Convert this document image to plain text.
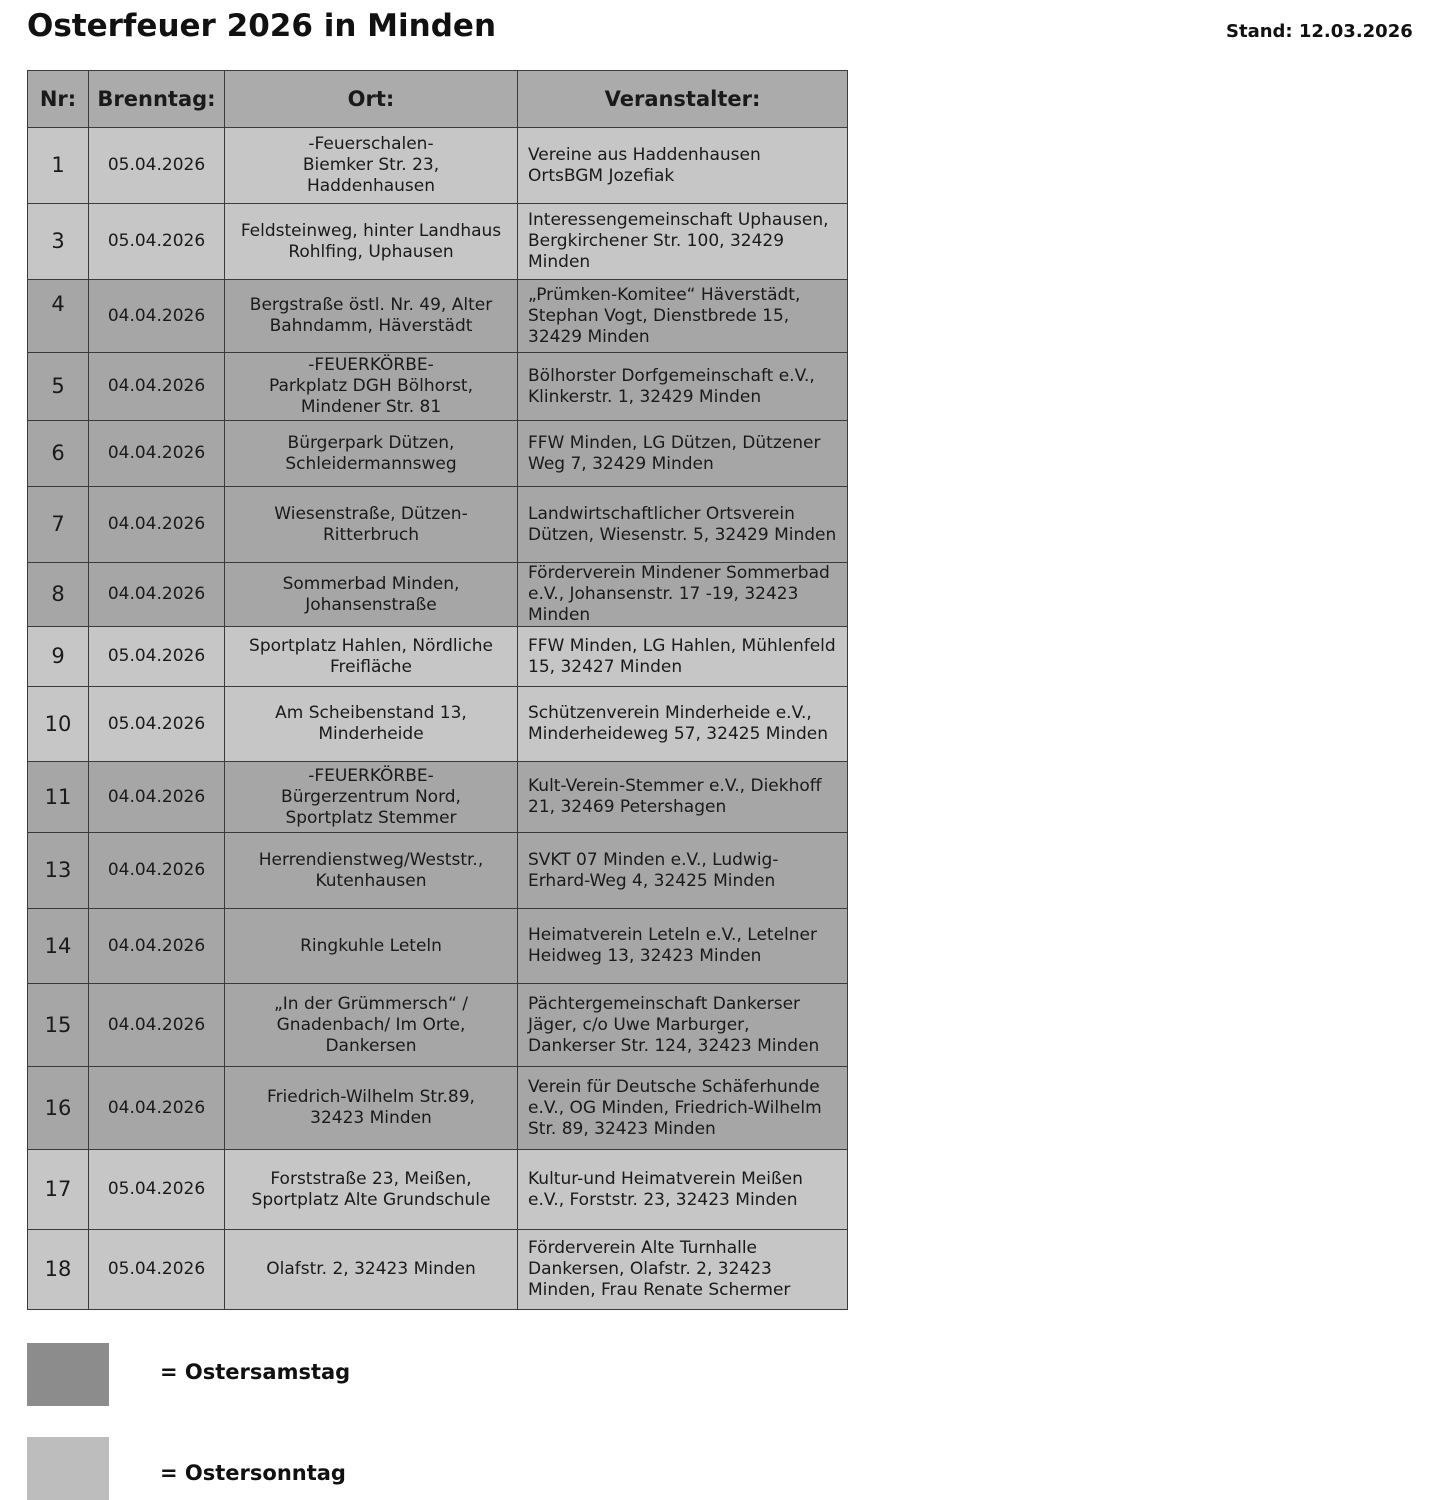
Osterfeuer 2026 in Minden	Stand: 12.03.2026
Nr:	Brenntag:	Ort:	Veranstalter:
1	05.04.2026	-Feuerschalen-
Biemker Str. 23,
Haddenhausen	Vereine aus Haddenhausen
OrtsBGM Jozefiak

3	05.04.2026	Feldsteinweg, hinter Landhaus
Rohlfing, Uphausen	Interessengemeinschaft Uphausen,
Bergkirchener Str. 100, 32429
Minden

4	04.04.2026	Bergstraße östl. Nr. 49, Alter
Bahndamm, Häverstädt	„Prümken-Komitee“ Häverstädt,
Stephan Vogt, Dienstbrede 15,
32429 Minden

5	04.04.2026	-FEUERKÖRBE-
Parkplatz DGH Bölhorst,
Mindener Str. 81	Bölhorster Dorfgemeinschaft e.V.,
Klinkerstr. 1, 32429 Minden

6	04.04.2026	Bürgerpark Dützen,
Schleidermannsweg	FFW Minden, LG Dützen, Dützener
Weg 7, 32429 Minden

7	04.04.2026	Wiesenstraße, Dützen-
Ritterbruch	Landwirtschaftlicher Ortsverein
Dützen, Wiesenstr. 5, 32429 Minden

8	04.04.2026	Sommerbad Minden,
Johansenstraße	Förderverein Mindener Sommerbad
e.V., Johansenstr. 17 -19, 32423
Minden

9	05.04.2026	Sportplatz Hahlen, Nördliche
Freifläche	FFW Minden, LG Hahlen, Mühlenfeld
15, 32427 Minden

10	05.04.2026	Am Scheibenstand 13,
Minderheide	Schützenverein Minderheide e.V.,
Minderheideweg 57, 32425 Minden

11	04.04.2026	-FEUERKÖRBE-
Bürgerzentrum Nord,
Sportplatz Stemmer	Kult-Verein-Stemmer e.V., Diekhoff
21, 32469 Petershagen

13	04.04.2026	Herrendienstweg/Weststr.,
Kutenhausen	SVKT 07 Minden e.V., Ludwig-
Erhard-Weg 4, 32425 Minden

14	04.04.2026	Ringkuhle Leteln	Heimatverein Leteln e.V., Letelner
Heidweg 13, 32423 Minden

15	04.04.2026	„In der Grümmersch“ /
Gnadenbach/ Im Orte,
Dankersen	Pächtergemeinschaft Dankerser
Jäger, c/o Uwe Marburger,
Dankerser Str. 124, 32423 Minden

16	04.04.2026	Friedrich-Wilhelm Str.89,
32423 Minden	Verein für Deutsche Schäferhunde
e.V., OG Minden, Friedrich-Wilhelm
Str. 89, 32423 Minden

17	05.04.2026	Forststraße 23, Meißen,
Sportplatz Alte Grundschule	Kultur-und Heimatverein Meißen
e.V., Forststr. 23, 32423 Minden

18	05.04.2026	Olafstr. 2, 32423 Minden	Förderverein Alte Turnhalle
Dankersen, Olafstr. 2, 32423
Minden, Frau Renate Schermer
= Ostersamstag
= Ostersonntag
